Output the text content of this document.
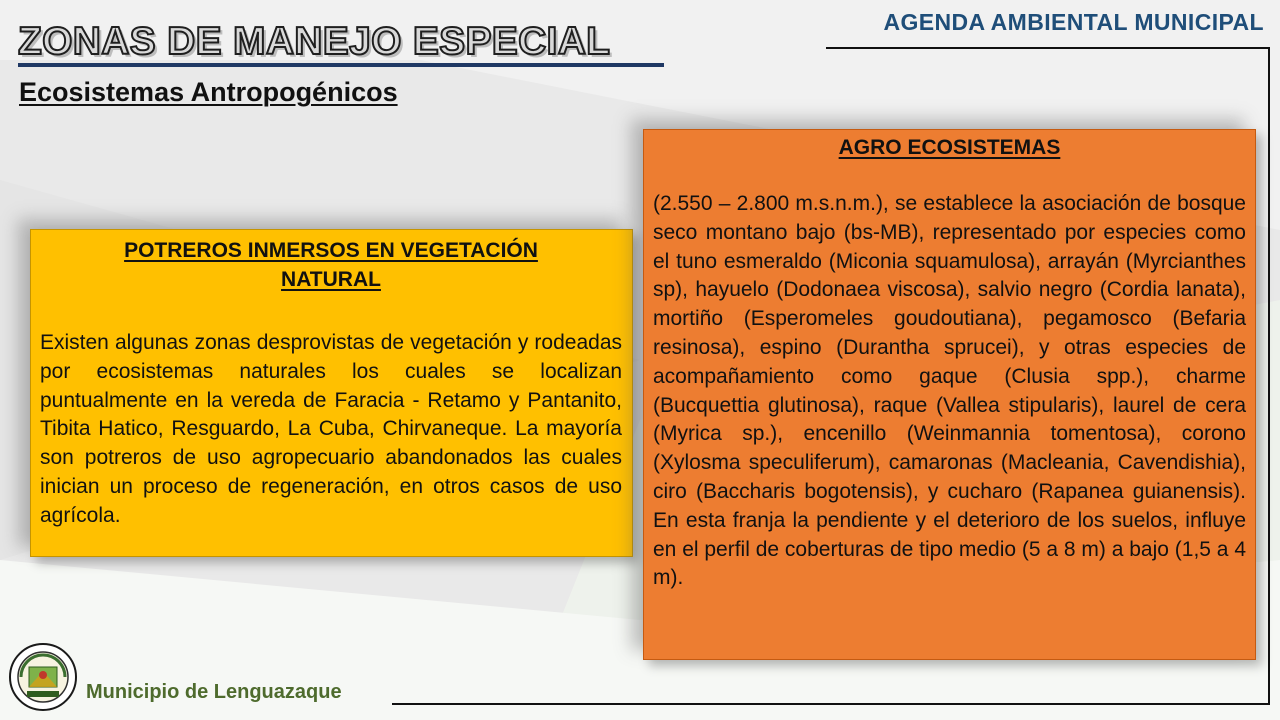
ZONAS DE MANEJO ESPECIAL
Ecosistemas Antropogénicos
AGENDA AMBIENTAL MUNICIPAL
POTREROS INMERSOS EN VEGETACIÓN NATURAL

Existen algunas zonas desprovistas de vegetación y rodeadas por ecosistemas naturales los cuales se localizan puntualmente en la vereda de Faracia - Retamo y Pantanito, Tibita Hatico, Resguardo, La Cuba, Chirvaneque. La mayoría son potreros de uso agropecuario abandonados las cuales inician un proceso de regeneración, en otros casos de uso agrícola.

AGRO ECOSISTEMAS

(2.550 – 2.800 m.s.n.m.), se establece la asociación de bosque seco montano bajo (bs-MB), representado por especies como el tuno esmeraldo (Miconia squamulosa), arrayán (Myrcianthes sp), hayuelo (Dodonaea viscosa), salvio negro (Cordia lanata), mortiño (Esperomeles goudoutiana), pegamosco (Befaria resinosa), espino (Durantha sprucei), y otras especies de acompañamiento como gaque (Clusia spp.), charme (Bucquettia glutinosa), raque (Vallea stipularis), laurel de cera (Myrica sp.), encenillo (Weinmannia tomentosa), corono (Xylosma speculiferum), camaronas (Macleania, Cavendishia), ciro (Baccharis bogotensis), y cucharo (Rapanea guianensis). En esta franja la pendiente y el deterioro de los suelos, influye en el perfil de coberturas de tipo medio (5 a 8 m) a bajo (1,5 a 4 m).

Municipio de Lenguazaque
